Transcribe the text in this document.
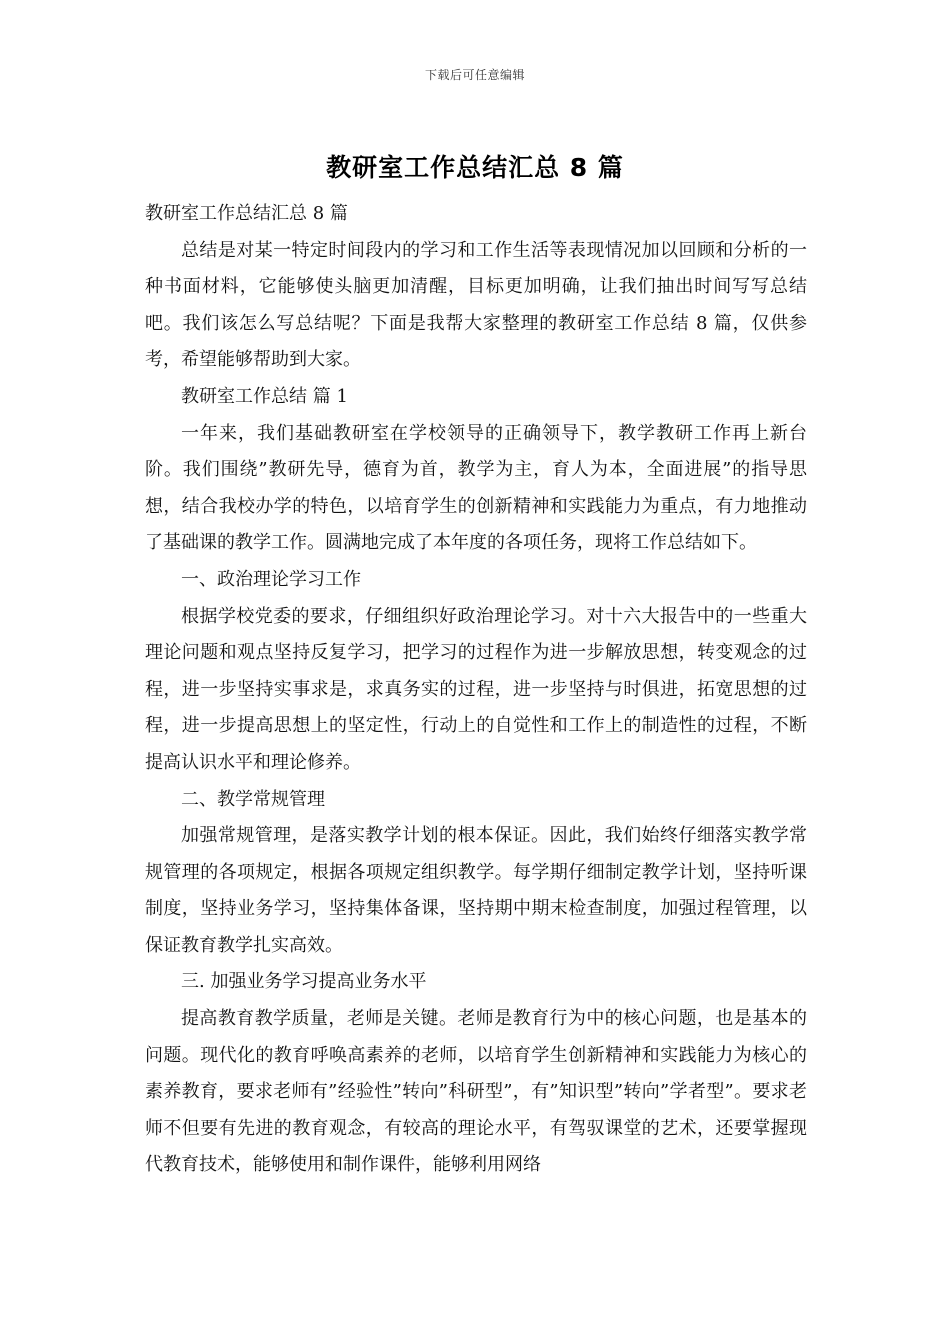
下载后可任意编辑
教研室工作总结汇总 8 篇

教研室工作总结汇总 8 篇

总结是对某一特定时间段内的学习和工作生活等表现情况加以回顾和分析的一种书面材料，它能够使头脑更加清醒，目标更加明确，让我们抽出时间写写总结吧。我们该怎么写总结呢？下面是我帮大家整理的教研室工作总结 8 篇，仅供参考，希望能够帮助到大家。

教研室工作总结 篇 1

一年来，我们基础教研室在学校领导的正确领导下，教学教研工作再上新台阶。我们围绕”教研先导，德育为首，教学为主，育人为本，全面进展”的指导思想，结合我校办学的特色，以培育学生的创新精神和实践能力为重点，有力地推动了基础课的教学工作。圆满地完成了本年度的各项任务，现将工作总结如下。

一、政治理论学习工作

根据学校党委的要求，仔细组织好政治理论学习。对十六大报告中的一些重大理论问题和观点坚持反复学习，把学习的过程作为进一步解放思想，转变观念的过程，进一步坚持实事求是，求真务实的过程，进一步坚持与时俱进，拓宽思想的过程，进一步提高思想上的坚定性，行动上的自觉性和工作上的制造性的过程，不断提高认识水平和理论修养。

二、教学常规管理

加强常规管理，是落实教学计划的根本保证。因此，我们始终仔细落实教学常规管理的各项规定，根据各项规定组织教学。每学期仔细制定教学计划，坚持听课制度，坚持业务学习，坚持集体备课，坚持期中期末检查制度，加强过程管理，以保证教育教学扎实高效。

三. 加强业务学习提高业务水平

提高教育教学质量，老师是关键。老师是教育行为中的核心问题，也是基本的问题。现代化的教育呼唤高素养的老师，以培育学生创新精神和实践能力为核心的素养教育，要求老师有”经验性”转向”科研型”，有”知识型”转向”学者型”。要求老师不但要有先进的教育观念，有较高的理论水平，有驾驭课堂的艺术，还要掌握现代教育技术，能够使用和制作课件，能够利用网络
